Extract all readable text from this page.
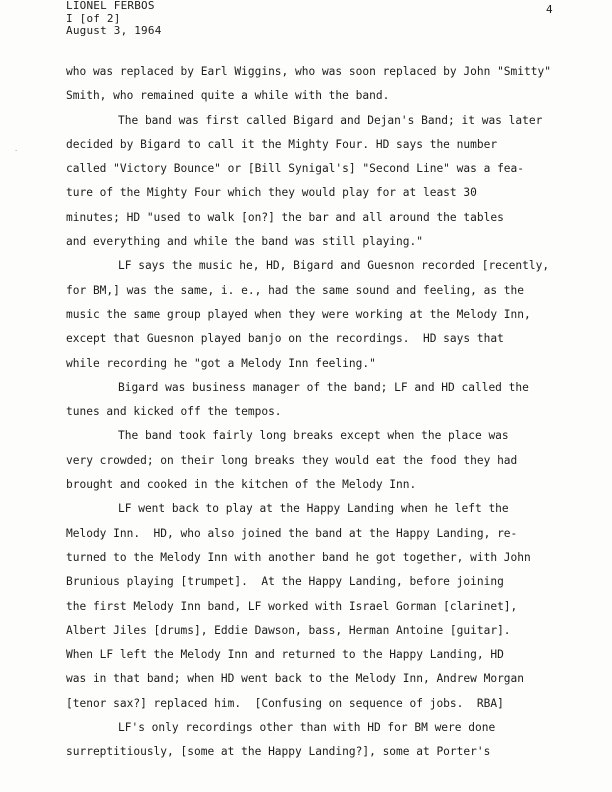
LIONEL FERBOS
I [of 2]
August 3, 1964
4
·
who was replaced by Earl Wiggins, who was soon replaced by John "Smitty"
Smith, who remained quite a while with the band.
The band was first called Bigard and Dejan's Band; it was later
decided by Bigard to call it the Mighty Four. HD says the number
called "Victory Bounce" or [Bill Synigal's] "Second Line" was a fea-
ture of the Mighty Four which they would play for at least 30
minutes; HD "used to walk [on?] the bar and all around the tables
and everything and while the band was still playing."
LF says the music he, HD, Bigard and Guesnon recorded [recently,
for BM,] was the same, i. e., had the same sound and feeling, as the
music the same group played when they were working at the Melody Inn,
except that Guesnon played banjo on the recordings.  HD says that
while recording he "got a Melody Inn feeling."
Bigard was business manager of the band; LF and HD called the
tunes and kicked off the tempos.
The band took fairly long breaks except when the place was
very crowded; on their long breaks they would eat the food they had
brought and cooked in the kitchen of the Melody Inn.
LF went back to play at the Happy Landing when he left the
Melody Inn.  HD, who also joined the band at the Happy Landing, re-
turned to the Melody Inn with another band he got together, with John
Brunious playing [trumpet].  At the Happy Landing, before joining
the first Melody Inn band, LF worked with Israel Gorman [clarinet],
Albert Jiles [drums], Eddie Dawson, bass, Herman Antoine [guitar].
When LF left the Melody Inn and returned to the Happy Landing, HD
was in that band; when HD went back to the Melody Inn, Andrew Morgan
[tenor sax?] replaced him.  [Confusing on sequence of jobs.  RBA]
LF's only recordings other than with HD for BM were done
surreptitiously, [some at the Happy Landing?], some at Porter's
